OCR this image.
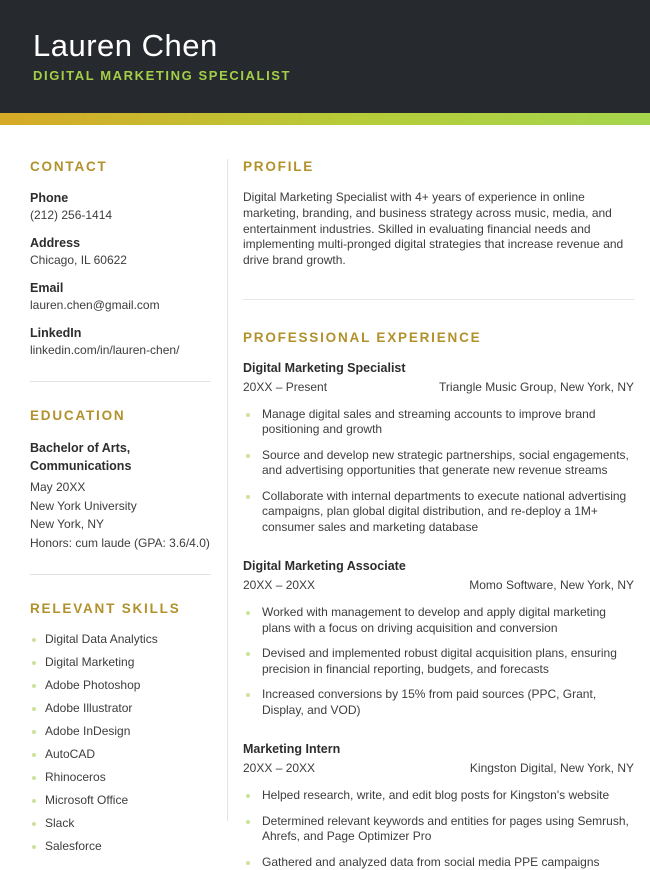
Lauren Chen
DIGITAL MARKETING SPECIALIST
CONTACT
Phone
(212) 256-1414
Address
Chicago, IL 60622
Email
lauren.chen@gmail.com
LinkedIn
linkedin.com/in/lauren-chen/
EDUCATION
Bachelor of Arts, Communications
May 20XX
New York University
New York, NY
Honors: cum laude (GPA: 3.6/4.0)
RELEVANT SKILLS
Digital Data Analytics
Digital Marketing
Adobe Photoshop
Adobe Illustrator
Adobe InDesign
AutoCAD
Rhinoceros
Microsoft Office
Slack
Salesforce
PROFILE

Digital Marketing Specialist with 4+ years of experience in online marketing, branding, and business strategy across music, media, and entertainment industries. Skilled in evaluating financial needs and implementing multi-pronged digital strategies that increase revenue and drive brand growth.

PROFESSIONAL EXPERIENCE
Digital Marketing Specialist
20XX – Present	Triangle Music Group, New York, NY
Manage digital sales and streaming accounts to improve brand positioning and growth
Source and develop new strategic partnerships, social engagements, and advertising opportunities that generate new revenue streams
Collaborate with internal departments to execute national advertising campaigns, plan global digital distribution, and re-deploy a 1M+ consumer sales and marketing database
Digital Marketing Associate
20XX – 20XX	Momo Software, New York, NY
Worked with management to develop and apply digital marketing plans with a focus on driving acquisition and conversion
Devised and implemented robust digital acquisition plans, ensuring precision in financial reporting, budgets, and forecasts
Increased conversions by 15% from paid sources (PPC, Grant, Display, and VOD)
Marketing Intern
20XX – 20XX	Kingston Digital, New York, NY
Helped research, write, and edit blog posts for Kingston's website
Determined relevant keywords and entities for pages using Semrush, Ahrefs, and Page Optimizer Pro
Gathered and analyzed data from social media PPE campaigns
